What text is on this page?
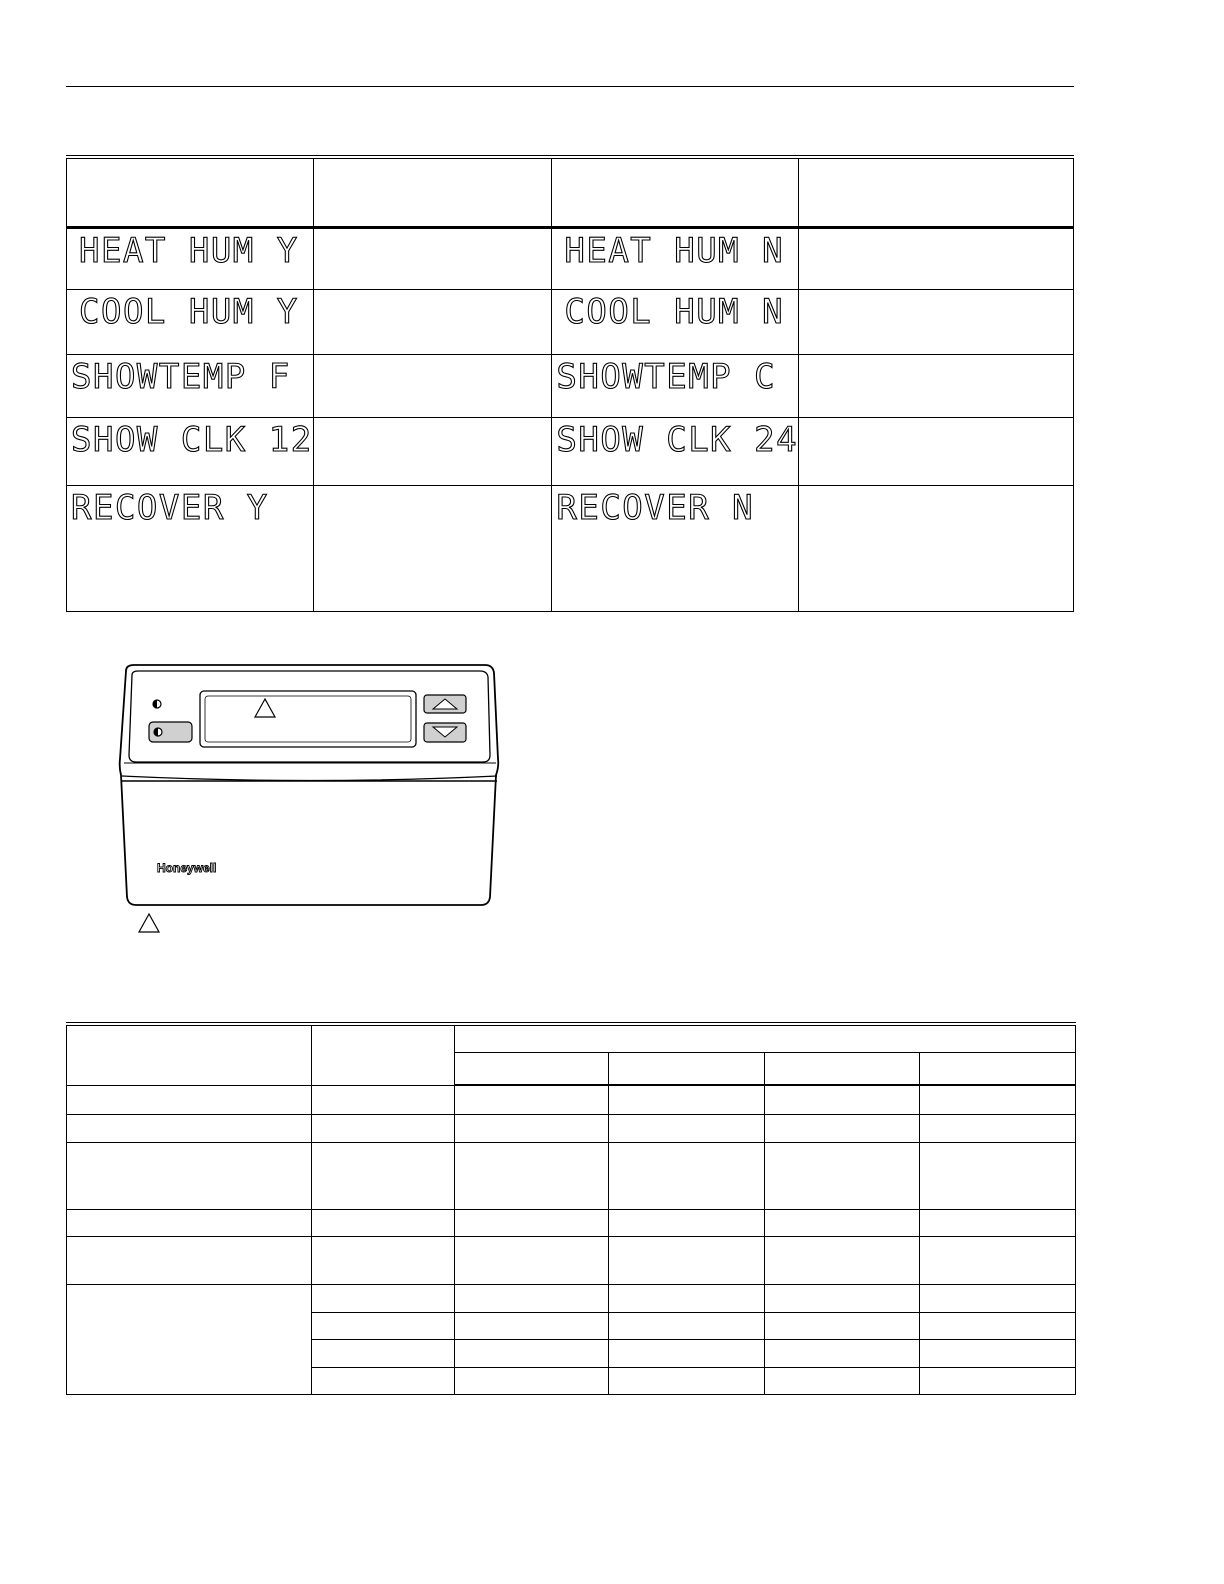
HEAT HUM Y		HEAT HUM N	

COOL HUM Y		COOL HUM N	

SHOWTEMP F		SHOWTEMP C	

SHOW CLK 12		SHOW CLK 24	

RECOVER Y		RECOVER N	

Honeywell
